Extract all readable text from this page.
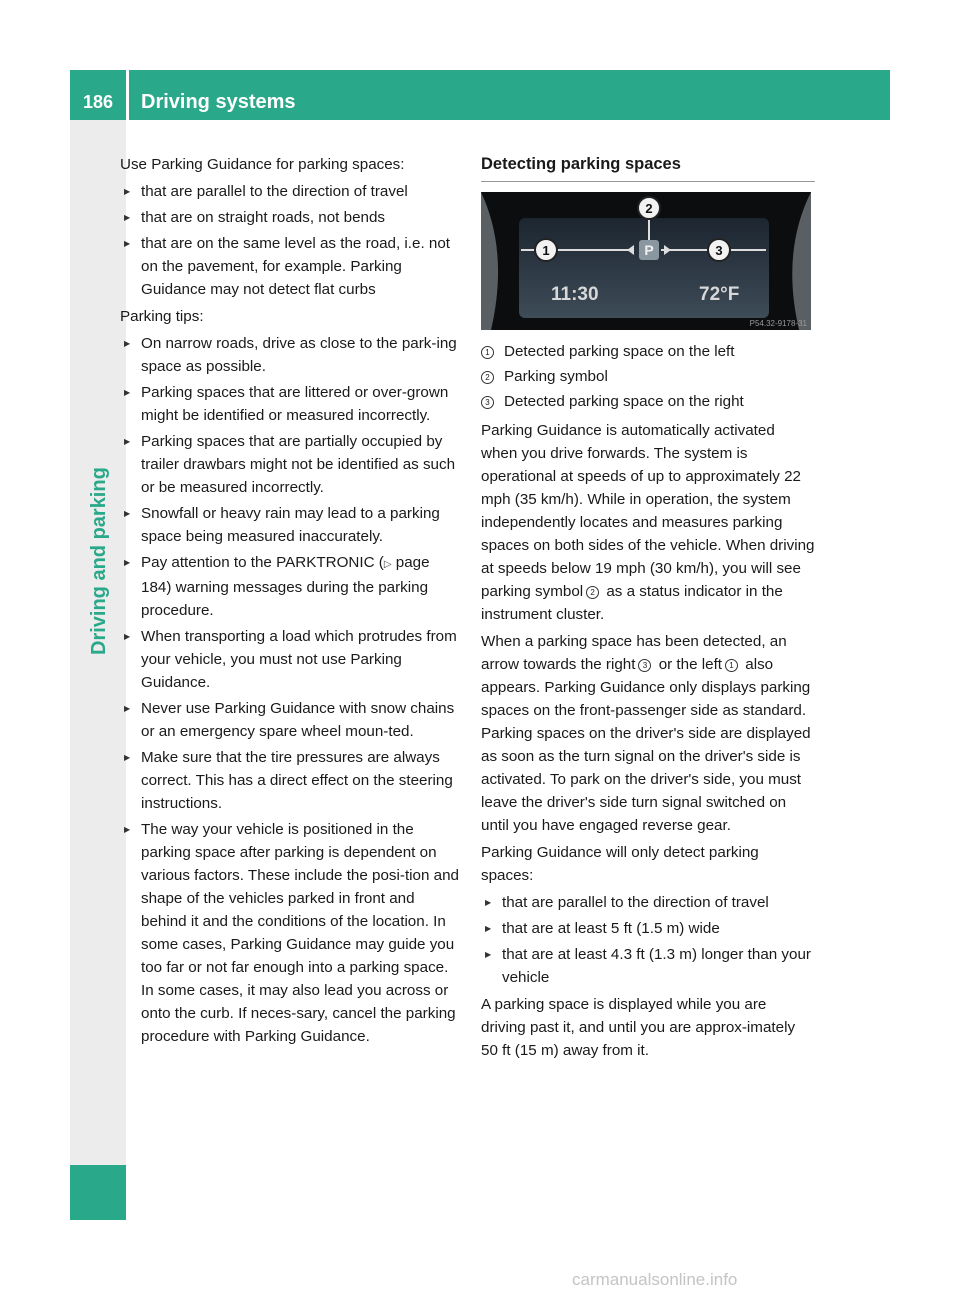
186	Driving systems
Driving and parking

Use Parking Guidance for parking spaces:

▶ that are parallel to the direction of travel
▶ that are on straight roads, not bends
▶ that are on the same level as the road, i.e. not on the pavement, for example. Parking Guidance may not detect flat curbs

Parking tips:

▶ On narrow roads, drive as close to the park-ing space as possible.
▶ Parking spaces that are littered or over-grown might be identified or measured incorrectly.
▶ Parking spaces that are partially occupied by trailer drawbars might not be identified as such or be measured incorrectly.
▶ Snowfall or heavy rain may lead to a parking space being measured inaccurately.
▶ Pay attention to the PARKTRONIC (▷ page 184) warning messages during the parking procedure.
▶ When transporting a load which protrudes from your vehicle, you must not use Parking Guidance.
▶ Never use Parking Guidance with snow chains or an emergency spare wheel moun-ted.
▶ Make sure that the tire pressures are always correct. This has a direct effect on the steering instructions.
▶ The way your vehicle is positioned in the parking space after parking is dependent on various factors. These include the posi-tion and shape of the vehicles parked in front and behind it and the conditions of the location. In some cases, Parking Guidance may guide you too far or not far enough into a parking space. In some cases, it may also lead you across or onto the curb. If neces-sary, cancel the parking procedure with Parking Guidance.
Detecting parking spaces
1
2
3
P
11:30	72°F
P54.32-9178-31
1 Detected parking space on the left
2 Parking symbol
3 Detected parking space on the right

Parking Guidance is automatically activated when you drive forwards. The system is operational at speeds of up to approximately 22 mph (35 km/h). While in operation, the system independently locates and measures parking spaces on both sides of the vehicle. When driving at speeds below 19 mph (30 km/h), you will see parking symbol 2 as a status indicator in the instrument cluster.

When a parking space has been detected, an arrow towards the right 3 or the left 1 also appears. Parking Guidance only displays parking spaces on the front-passenger side as standard. Parking spaces on the driver's side are displayed as soon as the turn signal on the driver's side is activated. To park on the driver's side, you must leave the driver's side turn signal switched on until you have engaged reverse gear.

Parking Guidance will only detect parking spaces:

▶ that are parallel to the direction of travel
▶ that are at least 5 ft (1.5 m) wide
▶ that are at least 4.3 ft (1.3 m) longer than your vehicle

A parking space is displayed while you are driving past it, and until you are approx-imately 50 ft (15 m) away from it.

carmanualsonline.info
